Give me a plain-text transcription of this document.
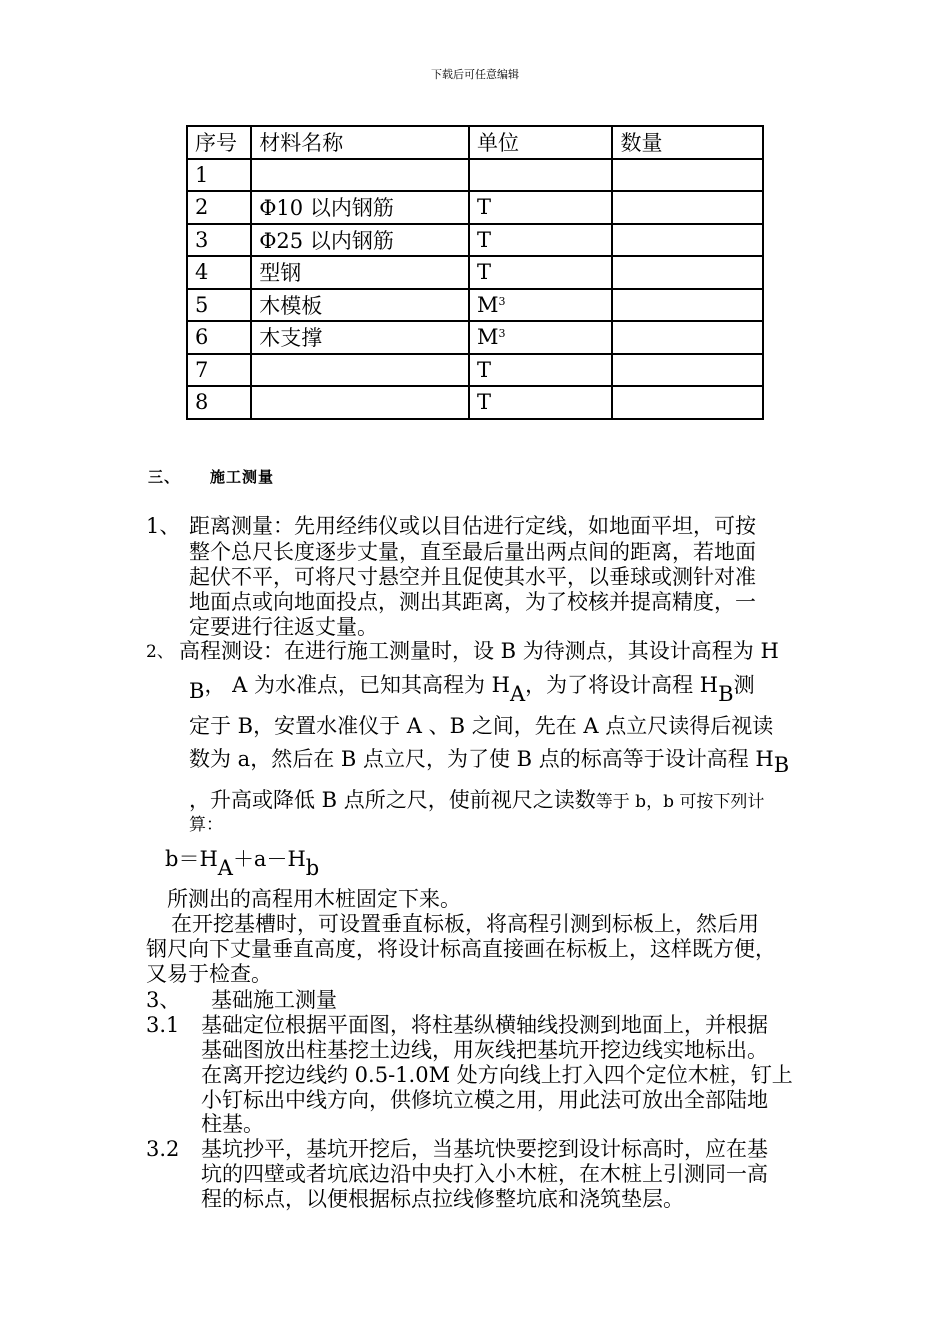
下载后可任意编辑
序号	材料名称	单位	数量
1			
2	Φ10 以内钢筋	T	
3	Φ25 以内钢筋	T	
4	型钢	T	
5	木模板	$M^3$	
6	木支撑	$M^3$	
7		T	
8		T	
三、 施工测量
1、 距离测量：先用经纬仪或以目估进行定线，如地面平坦，可按
整个总尺长度逐步丈量，直至最后量出两点间的距离，若地面
起伏不平，可将尺寸悬空并且促使其水平，以垂球或测针对准
地面点或向地面投点，测出其距离，为了校核并提高精度，一
定要进行往返丈量。
2、 高程测设：在进行施工测量时，设 B 为待测点，其设计高程为 H
B， A 为水准点，已知其高程为 HA，为了将设计高程 HB测
定于 B，安置水准仪于 A 、B 之间，先在 A 点立尺读得后视读
数为 a，然后在 B 点立尺，为了使 B 点的标高等于设计高程 HB
，升高或降低 B 点所之尺，使前视尺之读数等于 b，b 可按下列计
算：
b＝HA＋a－Hb
所测出的高程用木桩固定下来。
在开挖基槽时，可设置垂直标板，将高程引测到标板上，然后用
钢尺向下丈量垂直高度，将设计标高直接画在标板上，这样既方便，
又易于检查。
3、 基础施工测量
3.1 基础定位根据平面图，将柱基纵横轴线投测到地面上，并根据
基础图放出柱基挖土边线，用灰线把基坑开挖边线实地标出。
在离开挖边线约 0.5-1.0M 处方向线上打入四个定位木桩，钉上
小钉标出中线方向，供修坑立模之用，用此法可放出全部陆地
柱基。
3.2 基坑抄平，基坑开挖后，当基坑快要挖到设计标高时，应在基
坑的四壁或者坑底边沿中央打入小木桩，在木桩上引测同一高
程的标点，以便根据标点拉线修整坑底和浇筑垫层。
